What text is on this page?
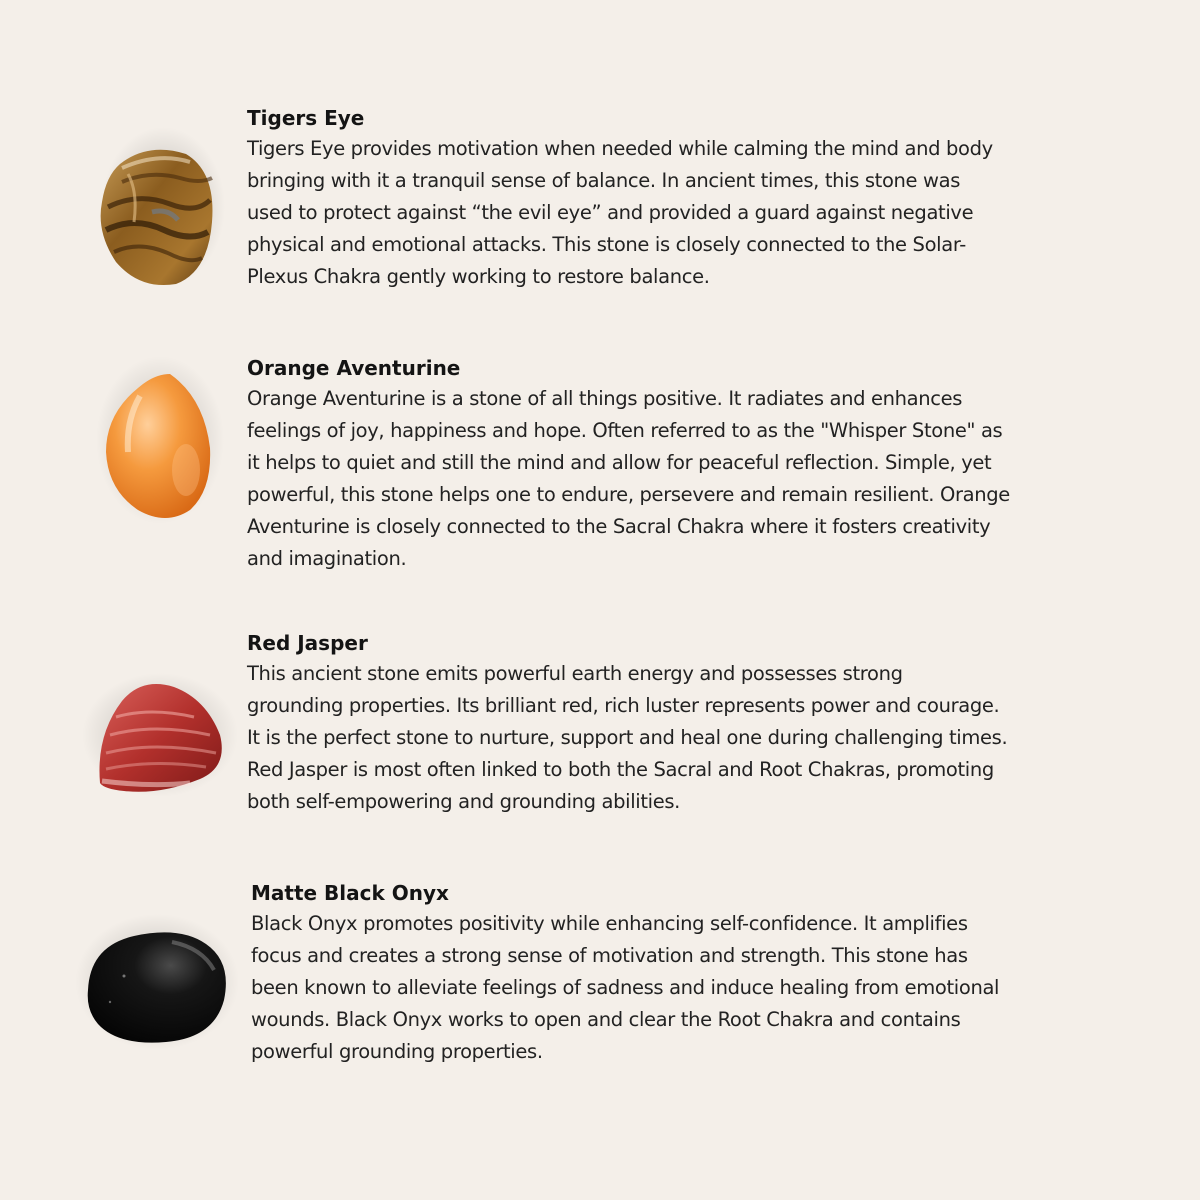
Tigers Eye

Tigers Eye provides motivation when needed while calming the mind and body
bringing with it a tranquil sense of balance. In ancient times, this stone was
used to protect against “the evil eye” and provided a guard against negative
physical and emotional attacks. This stone is closely connected to the Solar-
Plexus Chakra gently working to restore balance.

Orange Aventurine

Orange Aventurine is a stone of all things positive. It radiates and enhances
feelings of joy, happiness and hope. Often referred to as the "Whisper Stone" as
it helps to quiet and still the mind and allow for peaceful reflection. Simple, yet
powerful, this stone helps one to endure, persevere and remain resilient. Orange
Aventurine is closely connected to the Sacral Chakra where it fosters creativity
and imagination.

Red Jasper

This ancient stone emits powerful earth energy and possesses strong
grounding properties. Its brilliant red, rich luster represents power and courage.
It is the perfect stone to nurture, support and heal one during challenging times.
Red Jasper is most often linked to both the Sacral and Root Chakras, promoting
both self-empowering and grounding abilities.

Matte Black Onyx

Black Onyx promotes positivity while enhancing self-confidence. It amplifies
focus and creates a strong sense of motivation and strength. This stone has
been known to alleviate feelings of sadness and induce healing from emotional
wounds. Black Onyx works to open and clear the Root Chakra and contains
powerful grounding properties.
